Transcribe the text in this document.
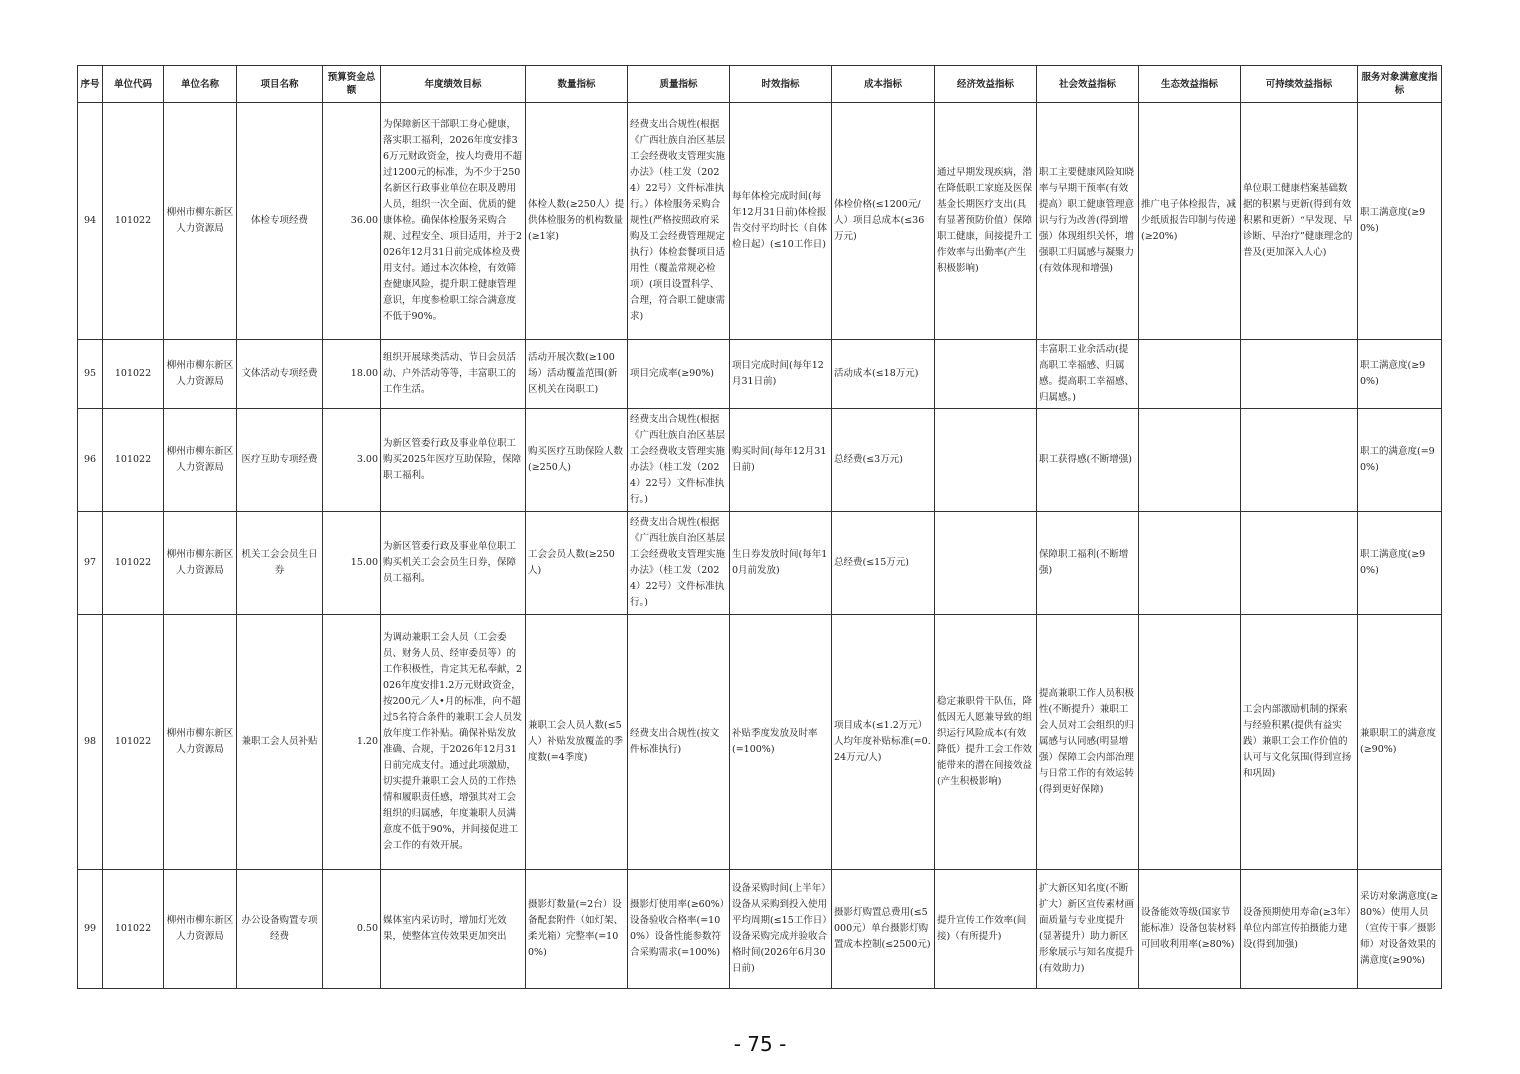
序号	单位代码	单位名称	项目名称	预算资金总额	年度绩效目标	数量指标	质量指标	时效指标	成本指标	经济效益指标	社会效益指标	生态效益指标	可持续效益指标	服务对象满意度指标
94	101022	柳州市柳东新区人力资源局	体检专项经费	36.00	为保障新区干部职工身心健康，落实职工福利，2026年度安排36万元财政资金，按人均费用不超过1200元的标准，为不少于250名新区行政事业单位在职及聘用人员，组织一次全面、优质的健康体检。确保体检服务采购合规、过程安全、项目适用，并于2026年12月31日前完成体检及费用支付。通过本次体检，有效筛查健康风险，提升职工健康管理意识，年度参检职工综合满意度不低于90%。	体检人数(≥250人）提供体检服务的机构数量(≥1家)	经费支出合规性(根据《广西壮族自治区基层工会经费收支管理实施办法》（桂工发（2024）22号）文件标准执行。）体检服务采购合规性(严格按照政府采购及工会经费管理规定执行）体检套餐项目适用性（覆盖常规必检项）(项目设置科学、合理，符合职工健康需求)	每年体检完成时间(每年12月31日前)体检报告交付平均时长（自体检日起）(≤10工作日)	体检价格(≤1200元/人）项目总成本(≤36万元)	通过早期发现疾病，潜在降低职工家庭及医保基金长期医疗支出(具有显著预防价值）保障职工健康，间接提升工作效率与出勤率(产生积极影响)	职工主要健康风险知晓率与早期干预率(有效提高）职工健康管理意识与行为改善(得到增强）体现组织关怀，增强职工归属感与凝聚力(有效体现和增强)	推广电子体检报告，减少纸质报告印制与传递(≥20%)	单位职工健康档案基础数据的积累与更新(得到有效积累和更新）“早发现、早诊断、早治疗”健康理念的普及(更加深入人心)	职工满意度(≥90%)
95	101022	柳州市柳东新区人力资源局	文体活动专项经费	18.00	组织开展球类活动、节日会员活动、户外活动等等，丰富职工的工作生活。	活动开展次数(≥100场）活动覆盖范围(新区机关在岗职工)	项目完成率(≥90%)	项目完成时间(每年12月31日前)	活动成本(≤18万元)		丰富职工业余活动(提高职工幸福感、归属感。提高职工幸福感、归属感。)			职工满意度(≥90%)
96	101022	柳州市柳东新区人力资源局	医疗互助专项经费	3.00	为新区管委行政及事业单位职工购买2025年医疗互助保险，保障职工福利。	购买医疗互助保险人数(≥250人)	经费支出合规性(根据《广西壮族自治区基层工会经费收支管理实施办法》（桂工发（2024）22号）文件标准执行。)	购买时间(每年12月31日前)	总经费(≤3万元)		职工获得感(不断增强)			职工的满意度(=90%)
97	101022	柳州市柳东新区人力资源局	机关工会会员生日券	15.00	为新区管委行政及事业单位职工购买机关工会会员生日券，保障员工福利。	工会会员人数(≥250人)	经费支出合规性(根据《广西壮族自治区基层工会经费收支管理实施办法》（桂工发（2024）22号）文件标准执行。)	生日券发放时间(每年10月前发放)	总经费(≤15万元)		保障职工福利(不断增强)			职工满意度(≥90%)
98	101022	柳州市柳东新区人力资源局	兼职工会人员补贴	1.20	为调动兼职工会人员（工会委员、财务人员、经审委员等）的工作积极性，肯定其无私奉献，2026年度安排1.2万元财政资金，按200元／人•月的标准，向不超过5名符合条件的兼职工会人员发放年度工作补贴。确保补贴发放准确、合规，于2026年12月31日前完成支付。通过此项激励，切实提升兼职工会人员的工作热情和履职责任感，增强其对工会组织的归属感，年度兼职人员满意度不低于90%，并间接促进工会工作的有效开展。	兼职工会人员人数(≤5人）补贴发放覆盖的季度数(=4季度)	经费支出合规性(按文件标准执行)	补贴季度发放及时率(=100%)	项目成本(≤1.2万元）人均年度补贴标准(=0.24万元/人)	稳定兼职骨干队伍，降低因无人愿兼导致的组织运行风险成本(有效降低）提升工会工作效能带来的潜在间接效益(产生积极影响)	提高兼职工作人员积极性(不断提升）兼职工会人员对工会组织的归属感与认同感(明显增强）保障工会内部治理与日常工作的有效运转(得到更好保障)		工会内部激励机制的探索与经验积累(提供有益实践）兼职工会工作价值的认可与文化氛围(得到宣扬和巩固)	兼职职工的满意度(≥90%)
99	101022	柳州市柳东新区人力资源局	办公设备购置专项经费	0.50	媒体室内采访时，增加灯光效果，使整体宣传效果更加突出	摄影灯数量(=2台）设备配套附件（如灯架、柔光箱）完整率(=100%)	摄影灯使用率(≥60%）设备验收合格率(=100%）设备性能参数符合采购需求(=100%)	设备采购时间(上半年）设备从采购到投入使用平均周期(≤15工作日）设备采购完成并验收合格时间(2026年6月30日前)	摄影灯购置总费用(≤5000元）单台摄影灯购置成本控制(≤2500元)	提升宣传工作效率(间接)（有所提升)	扩大新区知名度(不断扩大）新区宣传素材画面质量与专业度提升(显著提升）助力新区形象展示与知名度提升(有效助力)	设备能效等级(国家节能标准）设备包装材料可回收利用率(≥80%)	设备预期使用寿命(≥3年）单位内部宣传拍摄能力建设(得到加强)	采访对象满意度(≥80%）使用人员（宣传干事／摄影师）对设备效果的满意度(≥90%)
- 75 -
